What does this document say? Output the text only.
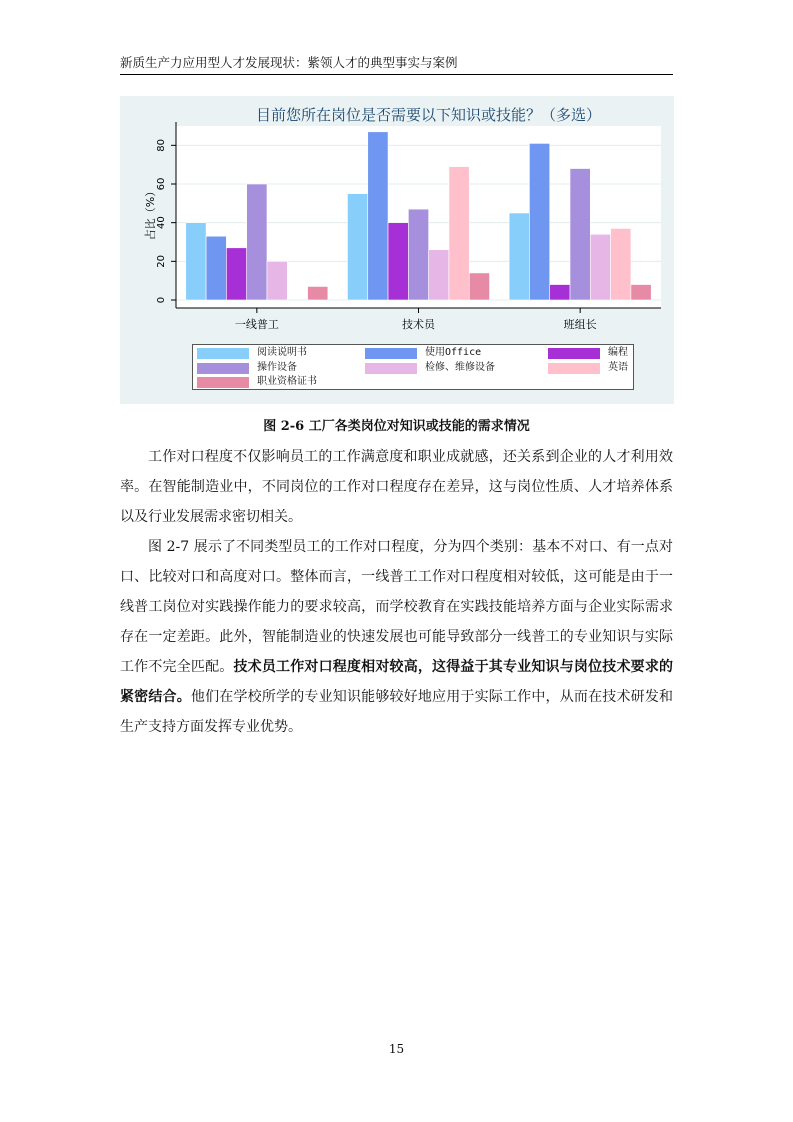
新质生产力应用型人才发展现状：紫领人才的典型事实与案例
目前您所在岗位是否需要以下知识或技能？（多选）
0
20
40
60
80
占比（%）
一线普工	技术员	班组长
阅读说明书	使用Office	编程
操作设备	检修、维修设备	英语
职业资格证书
图 2-6 工厂各类岗位对知识或技能的需求情况

工作对口程度不仅影响员工的工作满意度和职业成就感，还关系到企业的人才利用效率。在智能制造业中，不同岗位的工作对口程度存在差异，这与岗位性质、人才培养体系以及行业发展需求密切相关。

图 2-7 展示了不同类型员工的工作对口程度，分为四个类别：基本不对口、有一点对口、比较对口和高度对口。整体而言，一线普工工作对口程度相对较低，这可能是由于一线普工岗位对实践操作能力的要求较高，而学校教育在实践技能培养方面与企业实际需求存在一定差距。此外，智能制造业的快速发展也可能导致部分一线普工的专业知识与实际工作不完全匹配。技术员工作对口程度相对较高，这得益于其专业知识与岗位技术要求的紧密结合。他们在学校所学的专业知识能够较好地应用于实际工作中，从而在技术研发和生产支持方面发挥专业优势。

15
